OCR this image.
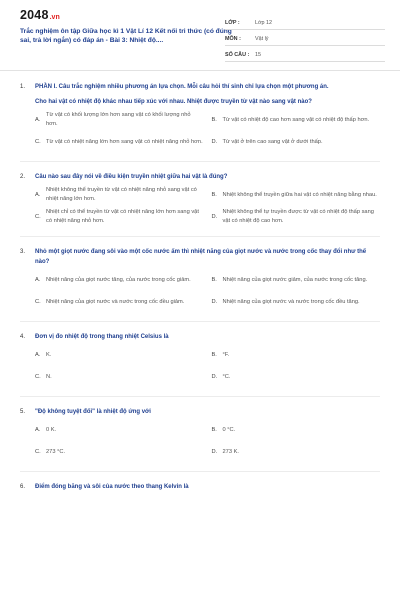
2048.vn
Trắc nghiệm ôn tập Giữa học kì 1 Vật Lí 12 Kết nối tri thức (có đúng sai, trả lời ngắn) có đáp án - Bài 3: Nhiệt độ....
LỚP :	Lớp 12
MÔN :	Vật lý
SỐ CÂU :	15
1.	PHẦN I. Câu trắc nghiệm nhiều phương án lựa chọn. Mỗi câu hỏi thí sinh chỉ lựa chọn một phương án.
Cho hai vật có nhiệt độ khác nhau tiếp xúc với nhau. Nhiệt được truyền từ vật nào sang vật nào?
A.
Từ vật có khối lượng lớn hơn sang vật có khối lượng nhỏ hơn.
B. Từ vật có nhiệt độ cao hơn sang vật có nhiệt độ thấp hơn.
C. Từ vật có nhiệt năng lớn hơn sang vật có nhiệt năng nhỏ hơn. D. Từ vật ở trên cao sang vật ở dưới thấp.
2.	Câu nào sau đây nói về điều kiện truyền nhiệt giữa hai vật là đúng?
A.
Nhiệt không thể truyền từ vật có nhiệt năng nhỏ sang vật có nhiệt năng lớn hơn.
B. Nhiệt không thể truyền giữa hai vật có nhiệt năng bằng nhau.
C.
Nhiệt chỉ có thể truyền từ vật có nhiệt năng lớn hơn sang vật có nhiệt năng nhỏ hơn.
D.
Nhiệt không thể tự truyền được từ vật có nhiệt độ thấp sang vật có nhiệt độ cao hơn.
3.	Nhỏ một giọt nước đang sôi vào một cốc nước ấm thì nhiệt năng của giọt nước và nước trong cốc thay đổi như thế nào?
A. Nhiệt năng của giọt nước tăng, của nước trong cốc giảm.	B. Nhiệt năng của giọt nước giảm, của nước trong cốc tăng.
C. Nhiệt năng của giọt nước và nước trong cốc đều giảm.	D. Nhiệt năng của giọt nước và nước trong cốc đều tăng.
4.	Đơn vị đo nhiệt độ trong thang nhiệt Celsius là
A. K.	B. °F.
C. N.	D. °C.
5.	"Độ không tuyệt đối" là nhiệt độ ứng với
A. 0 K.	B. 0 °C.
C. 273 °C.	D. 273 K.
6.	Điểm đóng băng và sôi của nước theo thang Kelvin là
